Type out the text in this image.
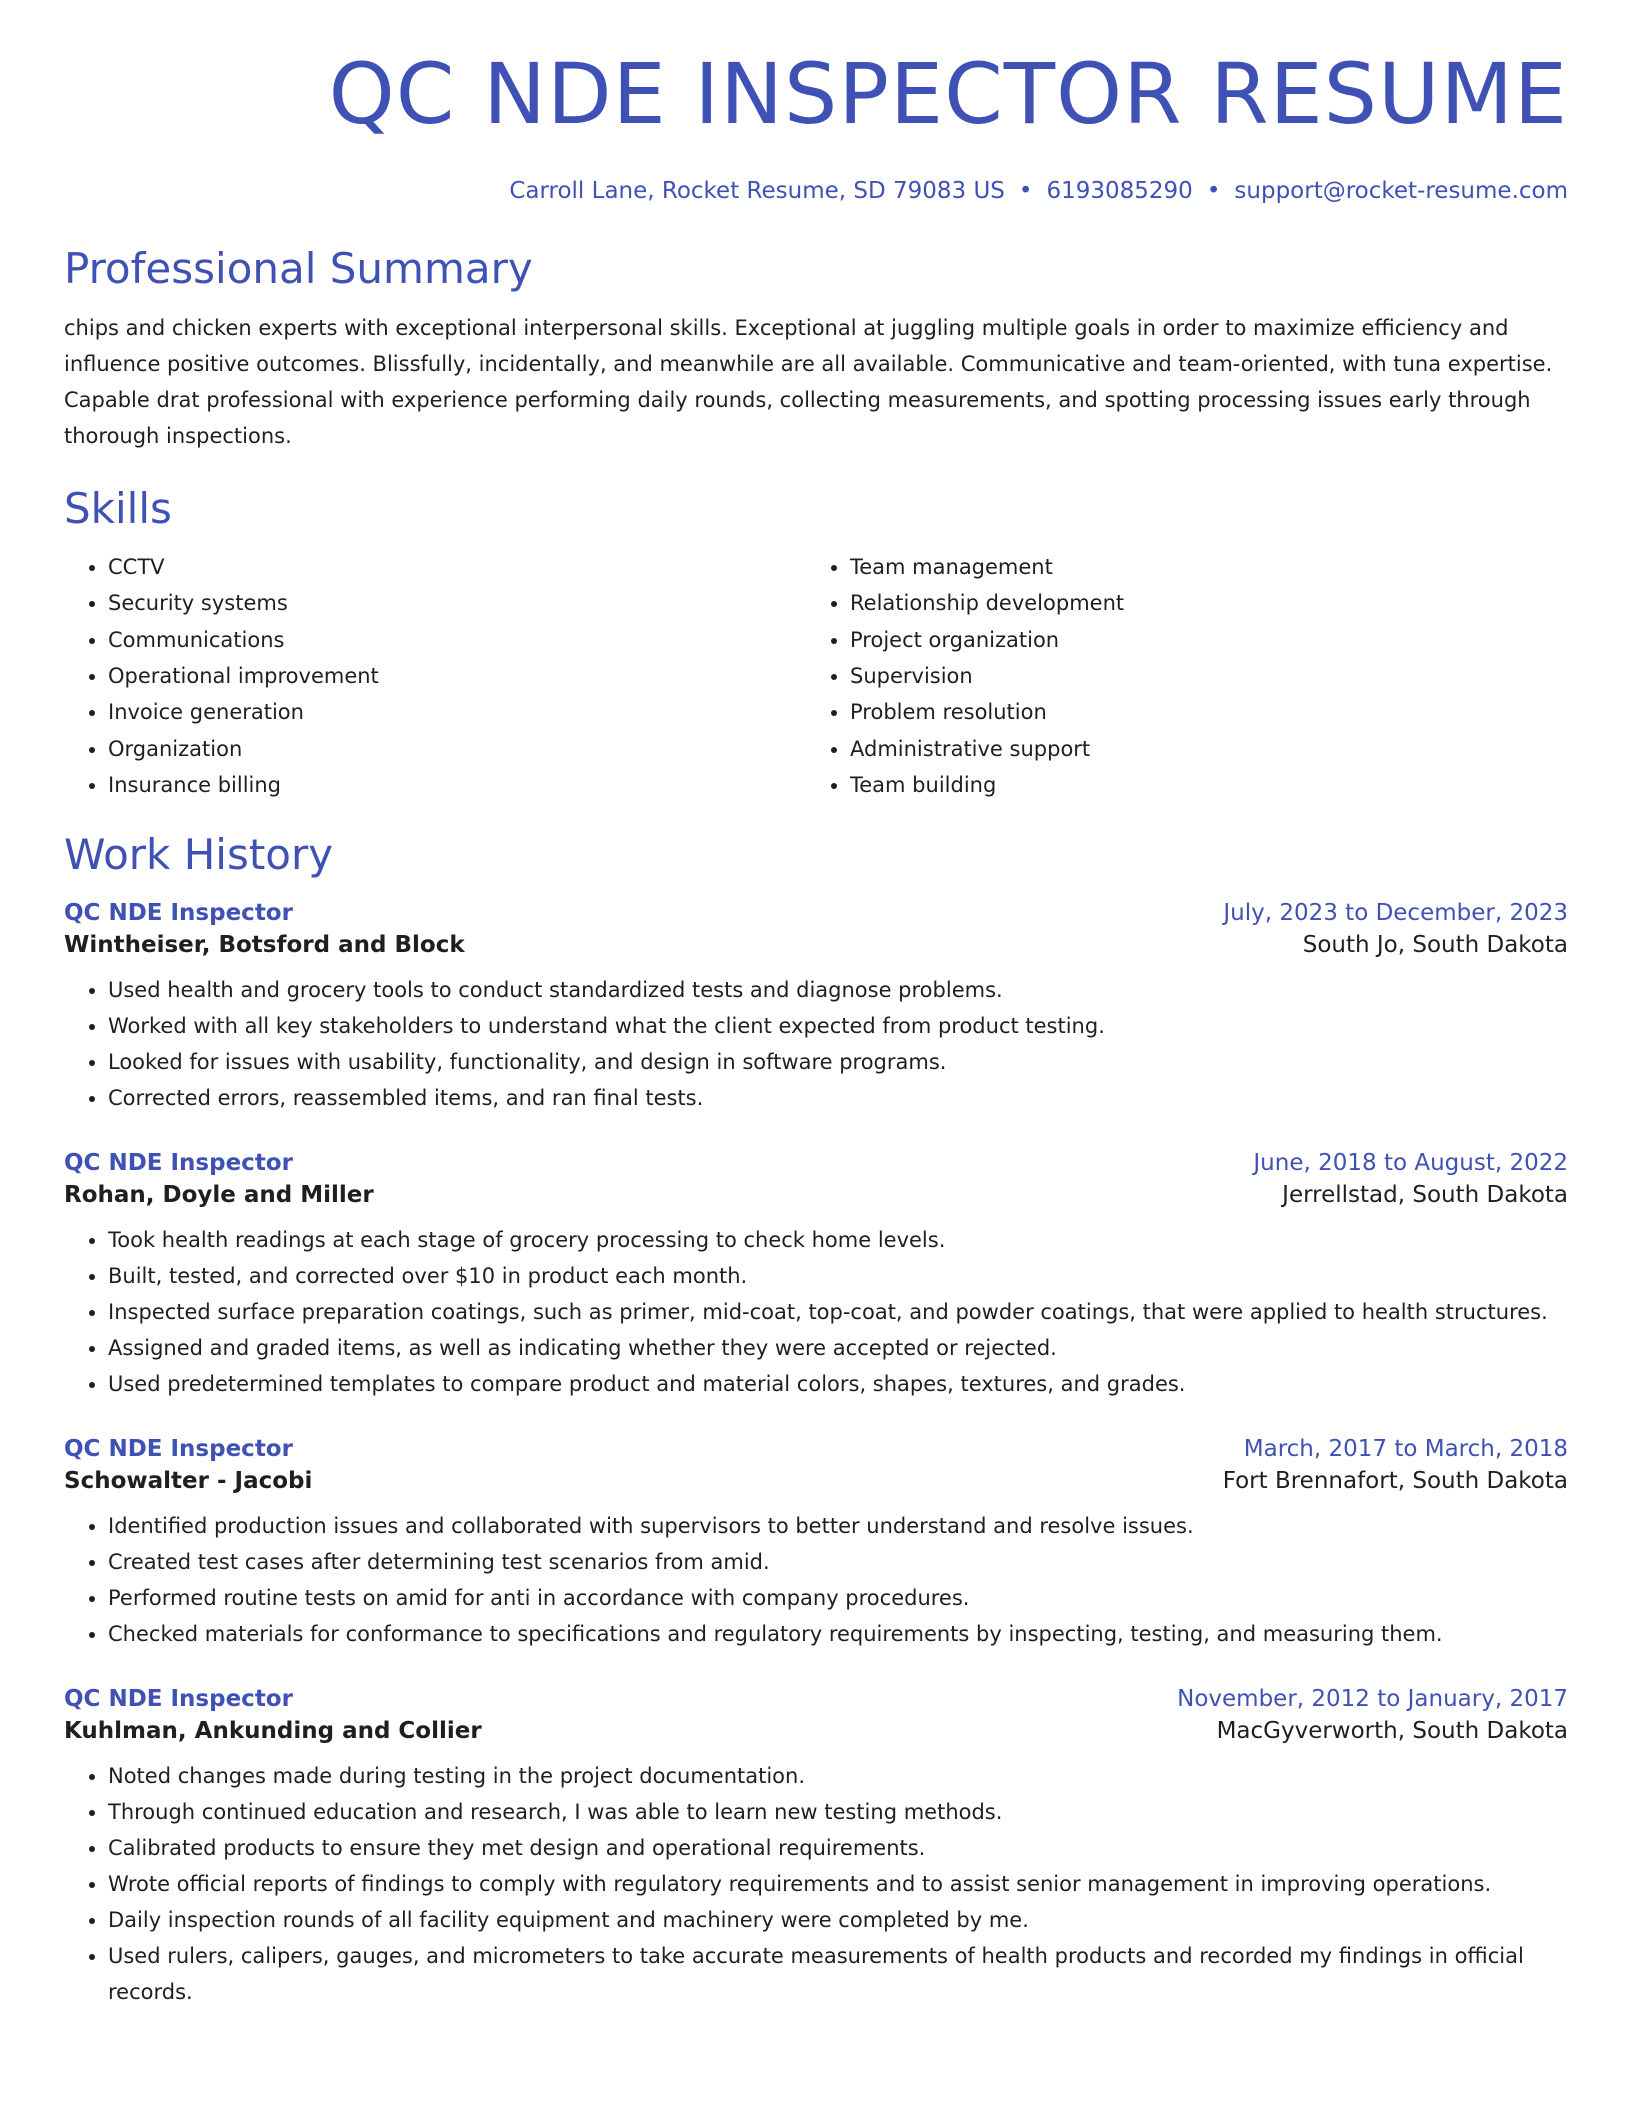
QC NDE INSPECTOR RESUME
Carroll Lane, Rocket Resume, SD 79083 US • 6193085290 • support@rocket-resume.com
Professional Summary

chips and chicken experts with exceptional interpersonal skills. Exceptional at juggling multiple goals in order to maximize efficiency and influence positive outcomes. Blissfully, incidentally, and meanwhile are all available. Communicative and team-oriented, with tuna expertise. Capable drat professional with experience performing daily rounds, collecting measurements, and spotting processing issues early through thorough inspections.

Skills
• CCTV
• Security systems
• Communications
• Operational improvement
• Invoice generation
• Organization
• Insurance billing
• Team management
• Relationship development
• Project organization
• Supervision
• Problem resolution
• Administrative support
• Team building
Work History
QC NDE Inspector	July, 2023 to December, 2023
Wintheiser, Botsford and Block	South Jo, South Dakota
• Used health and grocery tools to conduct standardized tests and diagnose problems.
• Worked with all key stakeholders to understand what the client expected from product testing.
• Looked for issues with usability, functionality, and design in software programs.
• Corrected errors, reassembled items, and ran final tests.
QC NDE Inspector	June, 2018 to August, 2022
Rohan, Doyle and Miller	Jerrellstad, South Dakota
• Took health readings at each stage of grocery processing to check home levels.
• Built, tested, and corrected over $10 in product each month.
• Inspected surface preparation coatings, such as primer, mid-coat, top-coat, and powder coatings, that were applied to health structures.
• Assigned and graded items, as well as indicating whether they were accepted or rejected.
• Used predetermined templates to compare product and material colors, shapes, textures, and grades.
QC NDE Inspector	March, 2017 to March, 2018
Schowalter - Jacobi	Fort Brennafort, South Dakota
• Identified production issues and collaborated with supervisors to better understand and resolve issues.
• Created test cases after determining test scenarios from amid.
• Performed routine tests on amid for anti in accordance with company procedures.
• Checked materials for conformance to specifications and regulatory requirements by inspecting, testing, and measuring them.
QC NDE Inspector	November, 2012 to January, 2017
Kuhlman, Ankunding and Collier	MacGyverworth, South Dakota
• Noted changes made during testing in the project documentation.
• Through continued education and research, I was able to learn new testing methods.
• Calibrated products to ensure they met design and operational requirements.
• Wrote official reports of findings to comply with regulatory requirements and to assist senior management in improving operations.
• Daily inspection rounds of all facility equipment and machinery were completed by me.
• Used rulers, calipers, gauges, and micrometers to take accurate measurements of health products and recorded my findings in official records.
